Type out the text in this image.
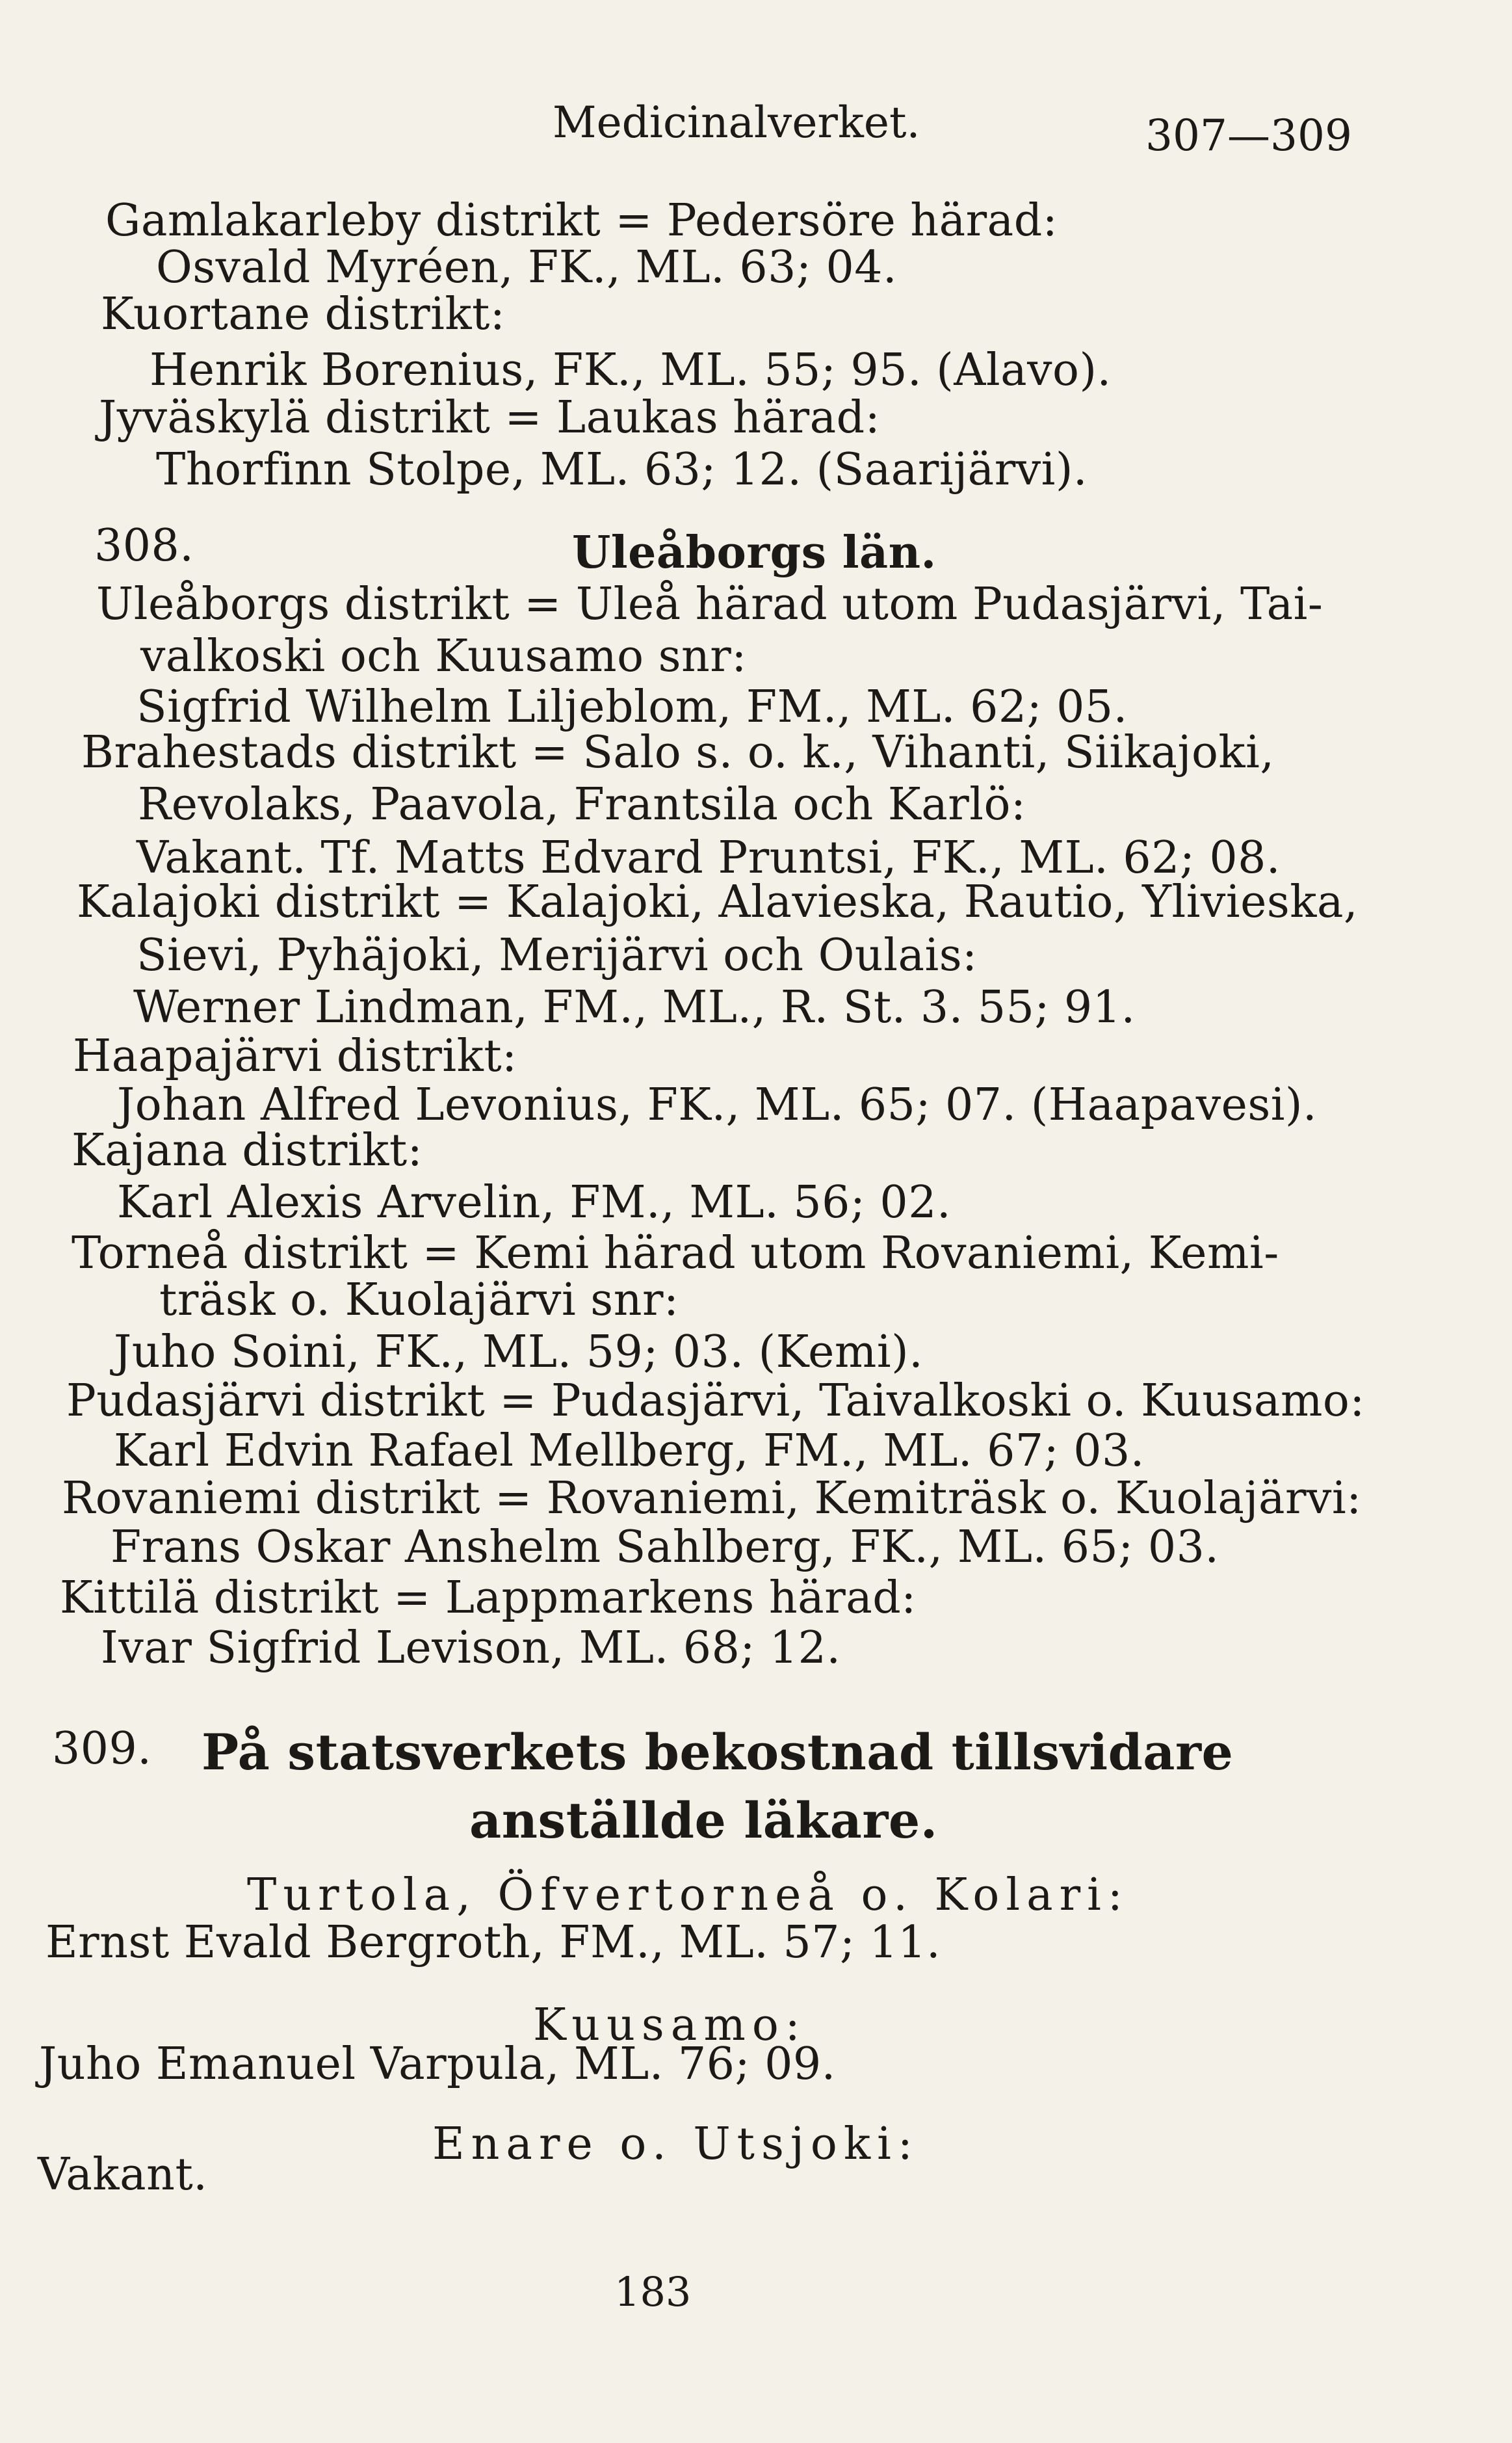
Medicinalverket.	307—309
Gamlakarleby distrikt = Pedersöre härad:
Osvald Myréen, FK., ML. 63; 04.
Kuortane distrikt:
Henrik Borenius, FK., ML. 55; 95. (Alavo).
Jyväskylä distrikt = Laukas härad:
Thorfinn Stolpe, ML. 63; 12. (Saarijärvi).
308.	Uleåborgs län.
Uleåborgs distrikt = Uleå härad utom Pudasjärvi, Tai-
valkoski och Kuusamo snr:
Sigfrid Wilhelm Liljeblom, FM., ML. 62; 05.
Brahestads distrikt = Salo s. o. k., Vihanti, Siikajoki,
Revolaks, Paavola, Frantsila och Karlö:
Vakant. Tf. Matts Edvard Pruntsi, FK., ML. 62; 08.
Kalajoki distrikt = Kalajoki, Alavieska, Rautio, Ylivieska,
Sievi, Pyhäjoki, Merijärvi och Oulais:
Werner Lindman, FM., ML., R. St. 3. 55; 91.
Haapajärvi distrikt:
Johan Alfred Levonius, FK., ML. 65; 07. (Haapavesi).
Kajana distrikt:
Karl Alexis Arvelin, FM., ML. 56; 02.
Torneå distrikt = Kemi härad utom Rovaniemi, Kemi-
träsk o. Kuolajärvi snr:
Juho Soini, FK., ML. 59; 03. (Kemi).
Pudasjärvi distrikt = Pudasjärvi, Taivalkoski o. Kuusamo:
Karl Edvin Rafael Mellberg, FM., ML. 67; 03.
Rovaniemi distrikt = Rovaniemi, Kemiträsk o. Kuolajärvi:
Frans Oskar Anshelm Sahlberg, FK., ML. 65; 03.
Kittilä distrikt = Lappmarkens härad:
Ivar Sigfrid Levison, ML. 68; 12.
309. På statsverkets bekostnad tillsvidare
anställde läkare.
Turtola, Öfvertorneå o. Kolari:
Ernst Evald Bergroth, FM., ML. 57; 11.
Kuusamo:
Juho Emanuel Varpula, ML. 76; 09.
Enare o. Utsjoki:
Vakant.
183
